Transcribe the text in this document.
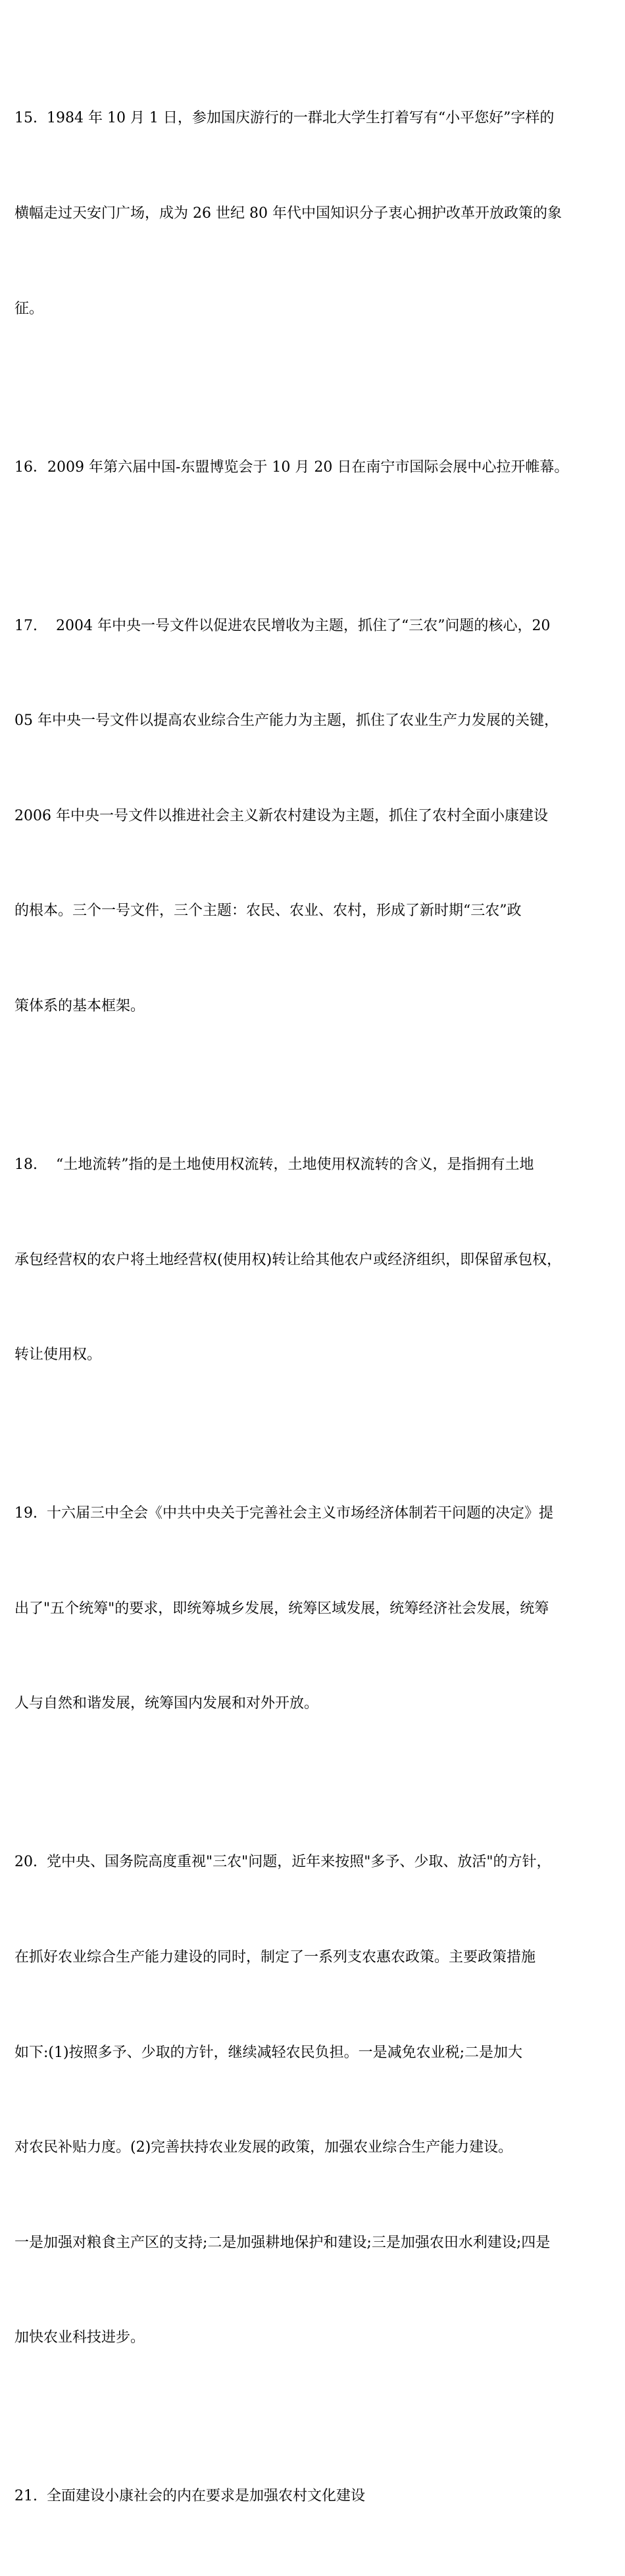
15.  1984 年 10 月 1 日，参加国庆游行的一群北大学生打着写有“小平您好”字样的

横幅走过天安门广场，成为 26 世纪 80 年代中国知识分子衷心拥护改革开放政策的象

征。

16．2009 年第六届中国-东盟博览会于 10 月 20 日在南宁市国际会展中心拉开帷幕。

17.    2004 年中央一号文件以促进农民增收为主题，抓住了“三农”问题的核心，20

05 年中央一号文件以提高农业综合生产能力为主题，抓住了农业生产力发展的关键，

2006 年中央一号文件以推进社会主义新农村建设为主题，抓住了农村全面小康建设

的根本。三个一号文件，三个主题：农民、农业、农村，形成了新时期“三农”政

策体系的基本框架。

18.    “土地流转”指的是土地使用权流转，土地使用权流转的含义，是指拥有土地

承包经营权的农户将土地经营权(使用权)转让给其他农户或经济组织，即保留承包权，

转让使用权。

19.  十六届三中全会《中共中央关于完善社会主义市场经济体制若干问题的决定》提

出了"五个统筹"的要求，即统筹城乡发展，统筹区域发展，统筹经济社会发展，统筹

人与自然和谐发展，统筹国内发展和对外开放。

20.  党中央、国务院高度重视"三农"问题，近年来按照"多予、少取、放活"的方针，

在抓好农业综合生产能力建设的同时，制定了一系列支农惠农政策。主要政策措施

如下:(1)按照多予、少取的方针，继续减轻农民负担。一是减免农业税;二是加大

对农民补贴力度。(2)完善扶持农业发展的政策，加强农业综合生产能力建设。

一是加强对粮食主产区的支持;二是加强耕地保护和建设;三是加强农田水利建设;四是

加快农业科技进步。

21.  全面建设小康社会的内在要求是加强农村文化建设
